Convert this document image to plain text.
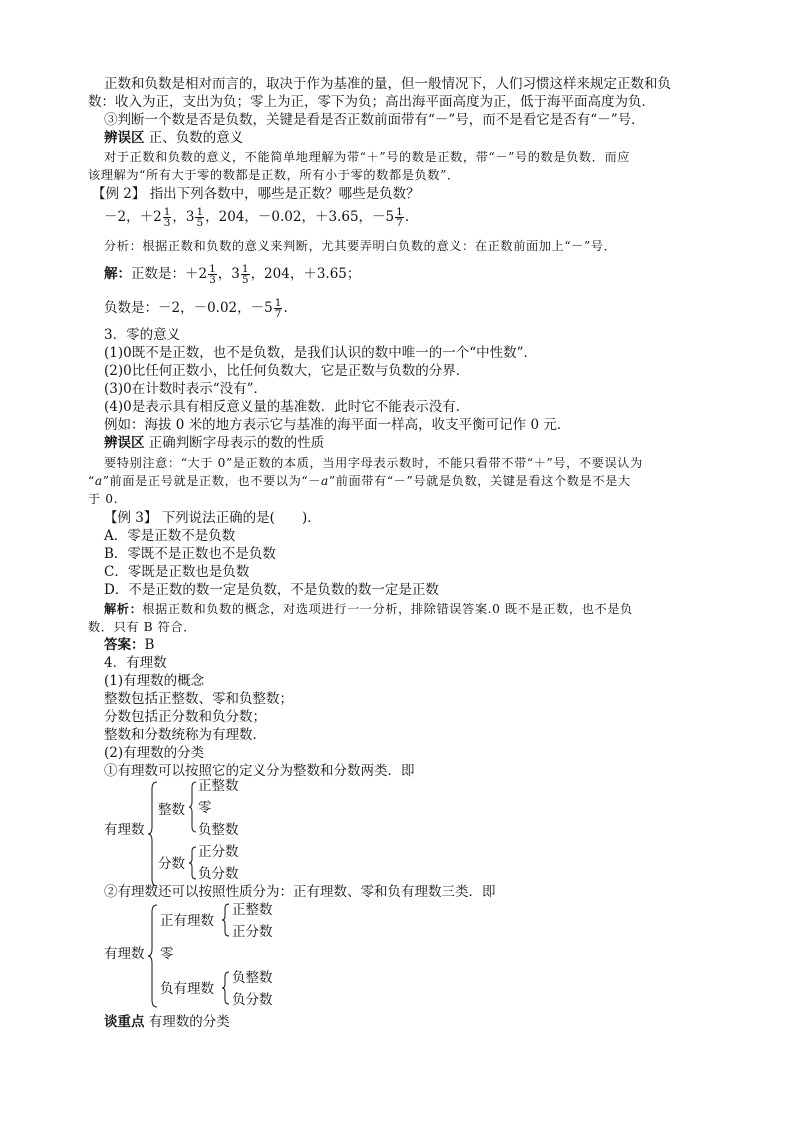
正数和负数是相对而言的，取决于作为基准的量，但一般情况下，人们习惯这样来规定正数和负
数：收入为正，支出为负；零上为正，零下为负；高出海平面高度为正，低于海平面高度为负．
③判断一个数是否是负数，关键是看是否正数前面带有“－”号，而不是看它是否有“－”号．
辨误区 正、负数的意义
对于正数和负数的意义，不能简单地理解为带“＋”号的数是正数，带“－”号的数是负数．而应
该理解为“所有大于零的数都是正数，所有小于零的数都是负数”．
【例 2】 指出下列各数中，哪些是正数？哪些是负数？
－2，$+2 \frac{1}{3}$ ，$3 \frac{1}{5}$ ，204，－0.02，＋3.65，$-5 \frac{1}{7}$ .
分析：根据正数和负数的意义来判断，尤其要弄明白负数的意义：在正数前面加上“－”号．
解：正数是：$+2 \frac{1}{3}$ ，$3 \frac{1}{5}$ ，204，＋3.65；
负数是：－2，－0.02，$-5 \frac{1}{7}$ .
3．零的意义
(1)0既不是正数，也不是负数，是我们认识的数中唯一的一个“中性数”．
(2)0比任何正数小，比任何负数大，它是正数与负数的分界．
(3)0在计数时表示“没有”．
(4)0是表示具有相反意义量的基准数．此时它不能表示没有．
例如：海拔 0 米的地方表示它与基准的海平面一样高，收支平衡可记作 0 元．
辨误区 正确判断字母表示的数的性质
要特别注意：“大于 0”是正数的本质，当用字母表示数时，不能只看带不带“＋”号，不要误认为
“a”前面是正号就是正数，也不要以为“－a”前面带有“－”号就是负数，关键是看这个数是不是大
于 0.
【例 3】 下列说法正确的是(　　)．
A．零是正数不是负数
B．零既不是正数也不是负数
C．零既是正数也是负数
D．不是正数的数一定是负数，不是负数的数一定是正数
解析：根据正数和负数的概念，对选项进行一一分析，排除错误答案.0 既不是正数，也不是负
数．只有 B 符合．
答案：B
4．有理数
(1)有理数的概念
整数包括正整数、零和负整数；
分数包括正分数和负分数；
整数和分数统称为有理数．
(2)有理数的分类
①有理数可以按照它的定义分为整数和分数两类．即
有理数
整数
正整数
零
负整数
分数
正分数
负分数
②有理数还可以按照性质分为：正有理数、零和负有理数三类．即
有理数
正有理数
正整数
正分数
零
负有理数
负整数
负分数
谈重点 有理数的分类
